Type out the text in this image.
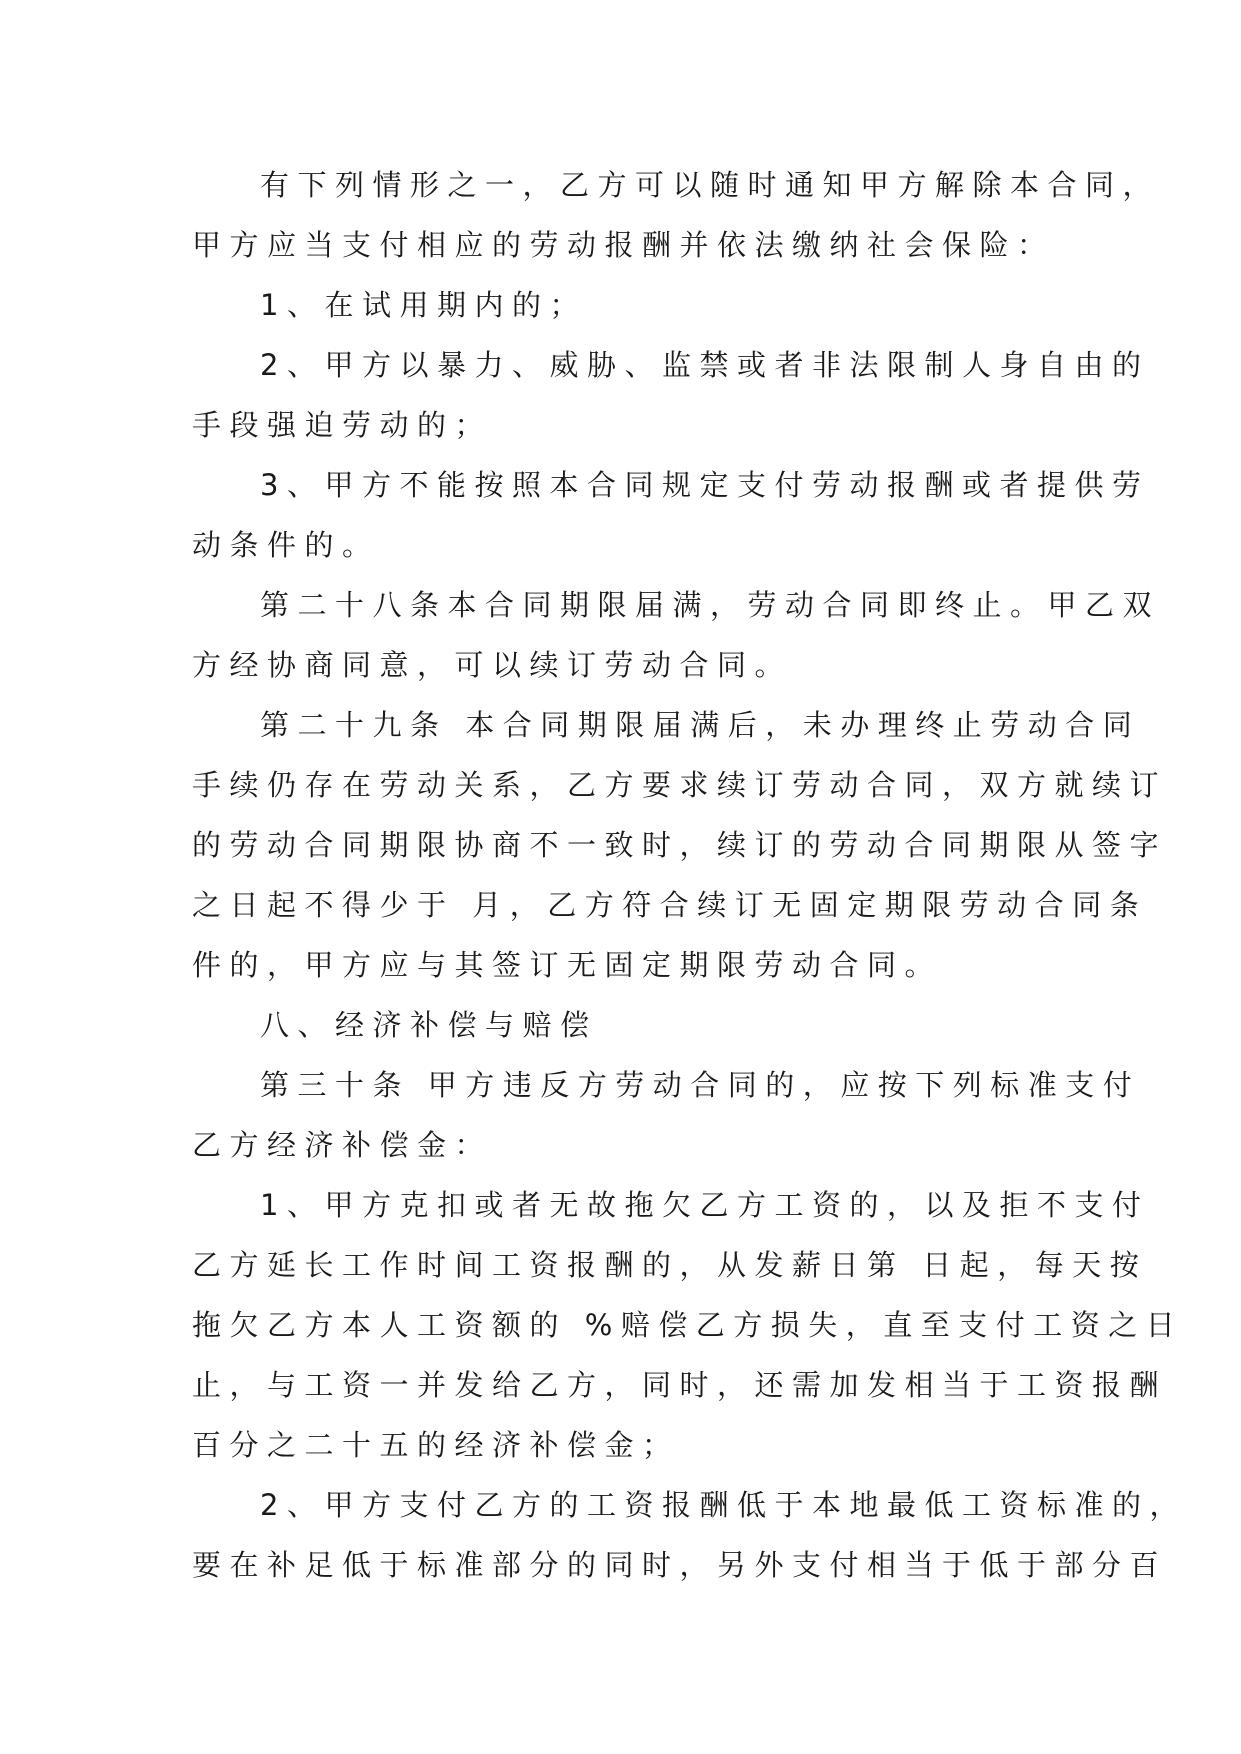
有下列情形之一，乙方可以随时通知甲方解除本合同，

甲方应当支付相应的劳动报酬并依法缴纳社会保险：

1、在试用期内的；

2、甲方以暴力、威胁、监禁或者非法限制人身自由的

手段强迫劳动的；

3、甲方不能按照本合同规定支付劳动报酬或者提供劳

动条件的。

第二十八条本合同期限届满，劳动合同即终止。甲乙双

方经协商同意，可以续订劳动合同。

第二十九条 本合同期限届满后，未办理终止劳动合同

手续仍存在劳动关系，乙方要求续订劳动合同，双方就续订

的劳动合同期限协商不一致时，续订的劳动合同期限从签字

之日起不得少于 月，乙方符合续订无固定期限劳动合同条

件的，甲方应与其签订无固定期限劳动合同。

八、经济补偿与赔偿

第三十条 甲方违反方劳动合同的，应按下列标准支付

乙方经济补偿金：

1、甲方克扣或者无故拖欠乙方工资的，以及拒不支付

乙方延长工作时间工资报酬的，从发薪日第 日起，每天按

拖欠乙方本人工资额的 %赔偿乙方损失，直至支付工资之日

止，与工资一并发给乙方，同时，还需加发相当于工资报酬

百分之二十五的经济补偿金；

2、甲方支付乙方的工资报酬低于本地最低工资标准的，

要在补足低于标准部分的同时，另外支付相当于低于部分百
